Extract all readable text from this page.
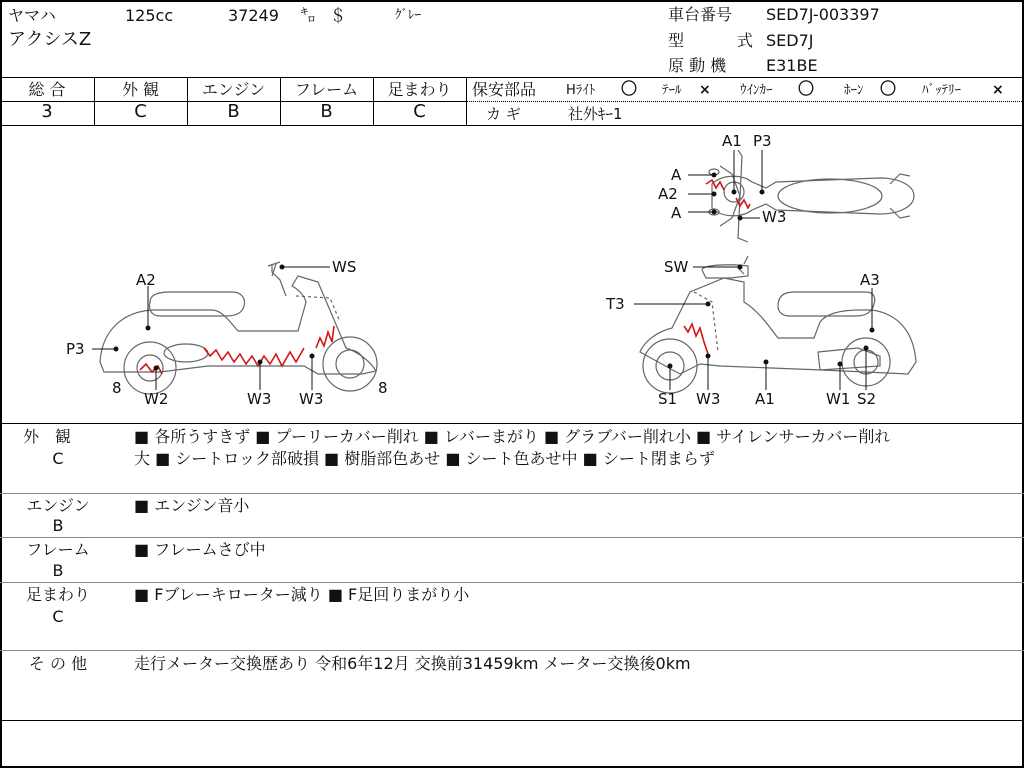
ヤマハ	125cc	37249 ㌔ ＄	ｸﾞﾚｰ
アクシスZ
車台番号 SED7J-003397
型	式 SED7J
原 動 機 E31BE
総 合	外 観	エンジン	フレーム	足まわり
3	C	B	B	C
保安部品 Hﾗｲﾄ 〇 ﾃｰﾙ × ｳｲﾝｶｰ 〇 ﾎｰﾝ 〇 ﾊﾞｯﾃﾘｰ ×
カ ギ	社外ｷｰ1
A2
WS
P3
8
W2	W3 W3
8
SW
A3
T3
S1 W3 A1	W1 S2
A1 P3
A
A2
A	W3
外　観
C
■ 各所うすきず ■ プーリーカバー削れ ■ レバーまがり ■ グラブバー削れ小 ■ サイレンサーカバー削れ
大 ■ シートロック部破損 ■ 樹脂部色あせ ■ シート色あせ中 ■ シート閉まらず
エンジン
B
■ エンジン音小
フレーム
B
■ フレームさび中
足まわり
C
■ Fブレーキローター減り ■ F足回りまがり小
そ の 他	走行メーター交換歴あり 令和6年12月 交換前31459km メーター交換後0km
